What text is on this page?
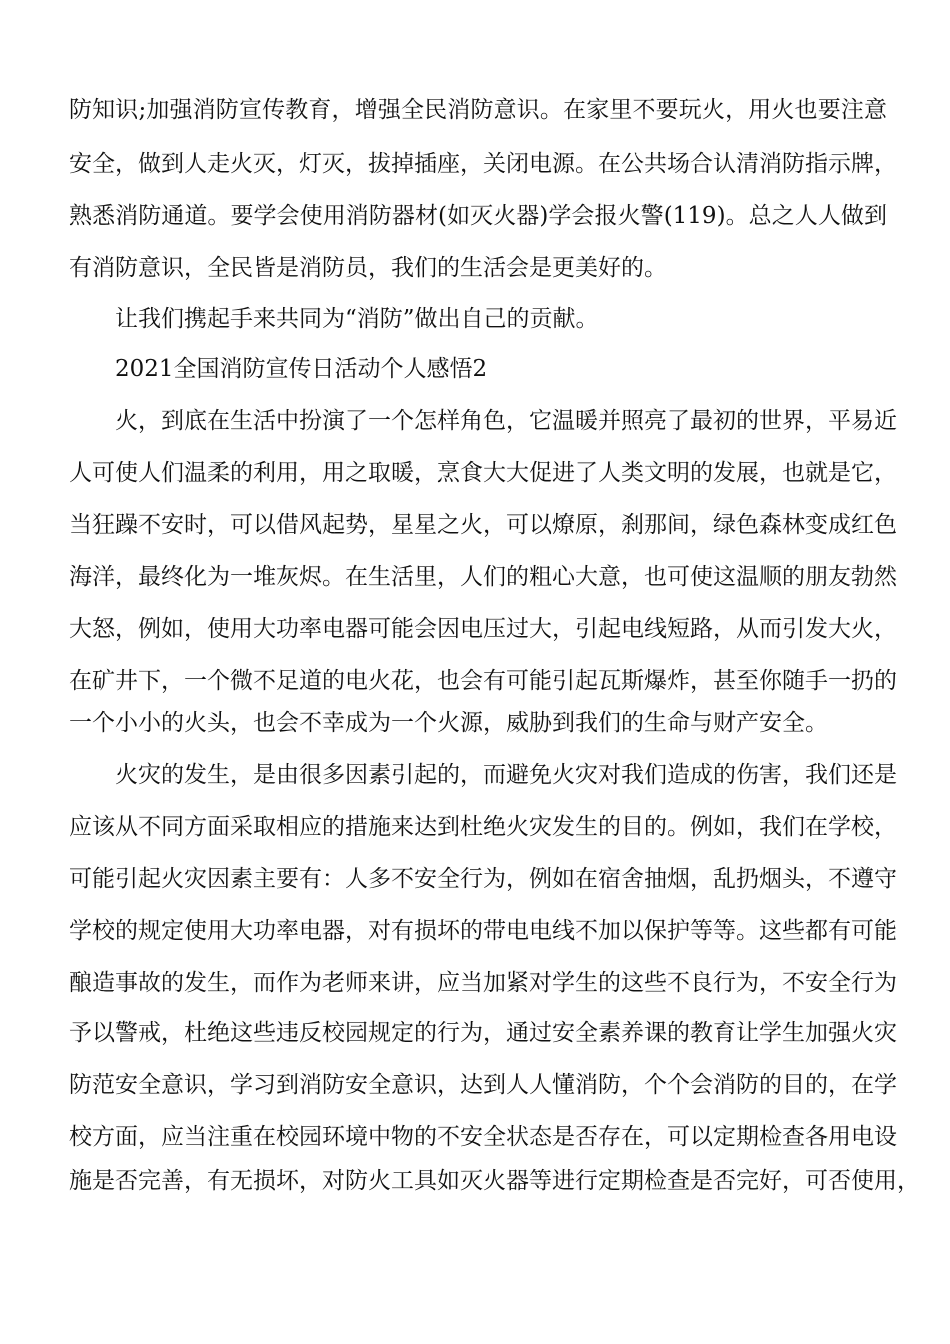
防知识;加强消防宣传教育，增强全民消防意识。在家里不要玩火，用火也要注意
安全，做到人走火灭，灯灭，拔掉插座，关闭电源。在公共场合认清消防指示牌，
熟悉消防通道。要学会使用消防器材(如灭火器)学会报火警(119)。总之人人做到
有消防意识，全民皆是消防员，我们的生活会是更美好的。
让我们携起手来共同为“消防”做出自己的贡献。
2021全国消防宣传日活动个人感悟2
火，到底在生活中扮演了一个怎样角色，它温暖并照亮了最初的世界，平易近
人可使人们温柔的利用，用之取暖，烹食大大促进了人类文明的发展，也就是它，
当狂躁不安时，可以借风起势，星星之火，可以燎原，刹那间，绿色森林变成红色
海洋，最终化为一堆灰烬。在生活里，人们的粗心大意，也可使这温顺的朋友勃然
大怒，例如，使用大功率电器可能会因电压过大，引起电线短路，从而引发大火，
在矿井下，一个微不足道的电火花，也会有可能引起瓦斯爆炸，甚至你随手一扔的
一个小小的火头，也会不幸成为一个火源，威胁到我们的生命与财产安全。
火灾的发生，是由很多因素引起的，而避免火灾对我们造成的伤害，我们还是
应该从不同方面采取相应的措施来达到杜绝火灾发生的目的。例如，我们在学校，
可能引起火灾因素主要有：人多不安全行为，例如在宿舍抽烟，乱扔烟头，不遵守
学校的规定使用大功率电器，对有损坏的带电电线不加以保护等等。这些都有可能
酿造事故的发生，而作为老师来讲，应当加紧对学生的这些不良行为，不安全行为
予以警戒，杜绝这些违反校园规定的行为，通过安全素养课的教育让学生加强火灾
防范安全意识，学习到消防安全意识，达到人人懂消防，个个会消防的目的，在学
校方面，应当注重在校园环境中物的不安全状态是否存在，可以定期检查各用电设
施是否完善，有无损坏，对防火工具如灭火器等进行定期检查是否完好，可否使用，
